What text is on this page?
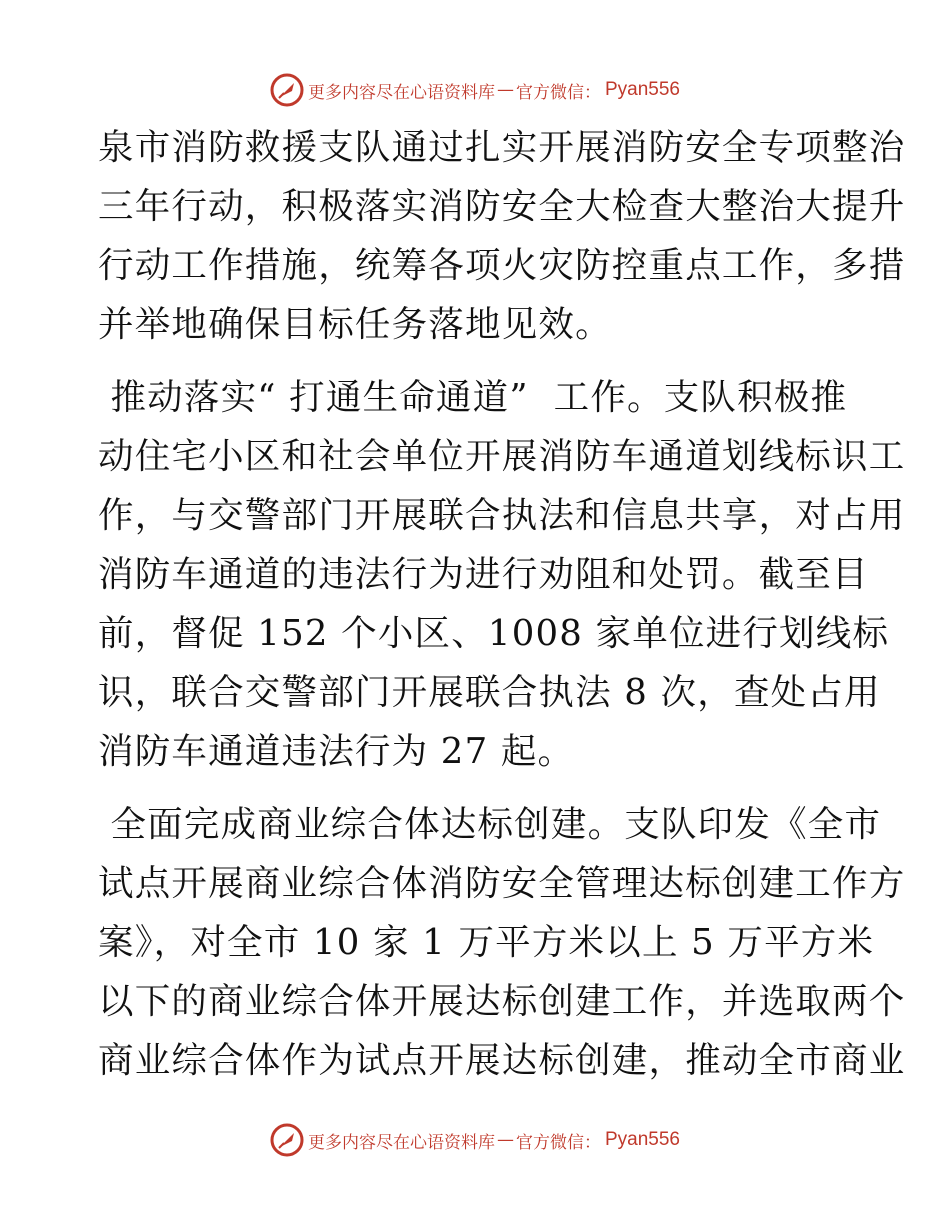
更多内容尽在心语资料库 — 官方微信： Pyan556
泉市消防救援支队通过扎实开展消防安全专项整治
三年行动，积极落实消防安全大检查大整治大提升
行动工作措施，统筹各项火灾防控重点工作，多措
并举地确保目标任务落地见效。
推动落实“ 打通生命通道”  工作。支队积极推
动住宅小区和社会单位开展消防车通道划线标识工
作，与交警部门开展联合执法和信息共享，对占用
消防车通道的违法行为进行劝阻和处罚。截至目
前，督促 152 个小区、1008 家单位进行划线标
识，联合交警部门开展联合执法 8 次，查处占用
消防车通道违法行为 27 起。
全面完成商业综合体达标创建。支队印发《全市
试点开展商业综合体消防安全管理达标创建工作方
案》，对全市 10 家 1 万平方米以上 5 万平方米
以下的商业综合体开展达标创建工作，并选取两个
商业综合体作为试点开展达标创建，推动全市商业
更多内容尽在心语资料库 — 官方微信： Pyan556
